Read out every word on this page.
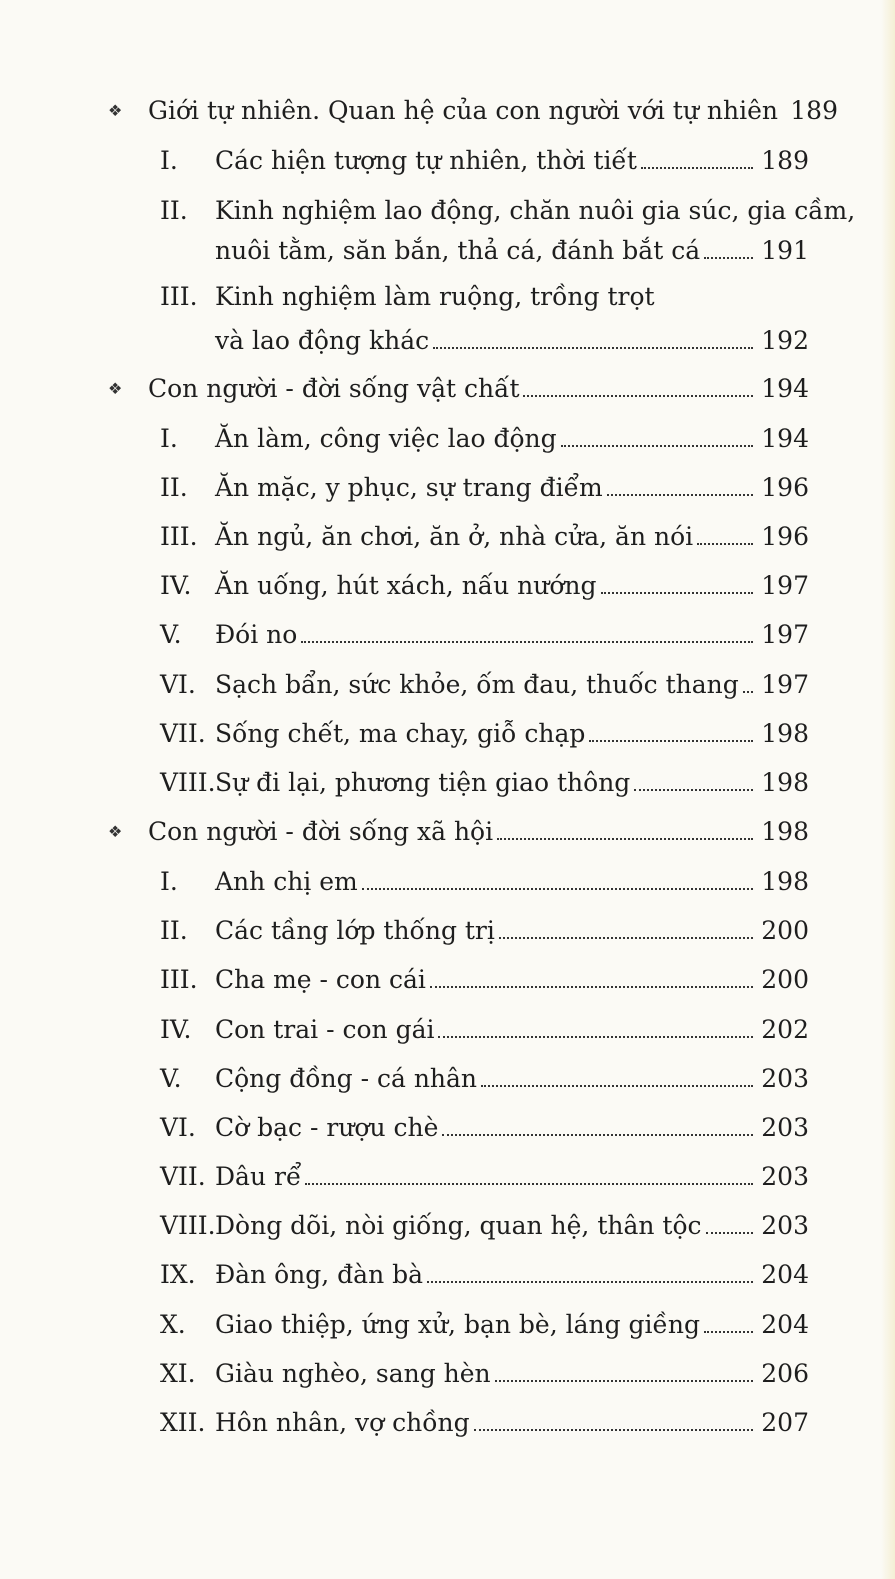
❖	Giới tự nhiên. Quan hệ của con người với tự nhiên 189
I.	Các hiện tượng tự nhiên, thời tiết	189
II.	Kinh nghiệm lao động, chăn nuôi gia súc, gia cầm,
nuôi tằm, săn bắn, thả cá, đánh bắt cá 191
III. Kinh nghiệm làm ruộng, trồng trọt
và lao động khác	192
❖	Con người - đời sống vật chất	194
I.	Ăn làm, công việc lao động	194
II.	Ăn mặc, y phục, sự trang điểm	196
III. Ăn ngủ, ăn chơi, ăn ở, nhà cửa, ăn nói	196
IV. Ăn uống, hút xách, nấu nướng	197
V.	Đói no	197
VI. Sạch bẩn, sức khỏe, ốm đau, thuốc thang 197
VII. Sống chết, ma chay, giỗ chạp	198
VIII. Sự đi lại, phương tiện giao thông	198
❖	Con người - đời sống xã hội	198
I.	Anh chị em	198
II.	Các tầng lớp thống trị	200
III. Cha mẹ - con cái	200
IV. Con trai - con gái	202
V.	Cộng đồng - cá nhân	203
VI. Cờ bạc - rượu chè	203
VII. Dâu rể	203
VIII. Dòng dõi, nòi giống, quan hệ, thân tộc 203
IX. Đàn ông, đàn bà	204
X.	Giao thiệp, ứng xử, bạn bè, láng giềng 204
XI. Giàu nghèo, sang hèn	206
XII. Hôn nhân, vợ chồng	207
